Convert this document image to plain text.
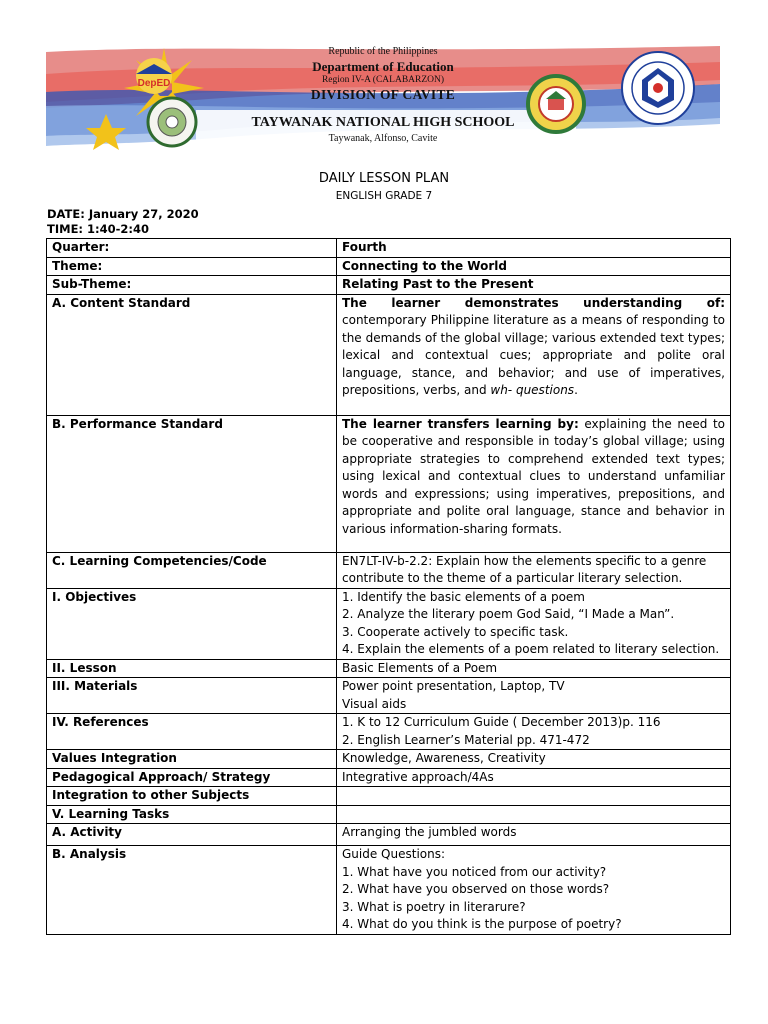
DepED
Republic of the Philippines
Department of Education
Region IV-A (CALABARZON)
DIVISION OF CAVITE
TAYWANAK NATIONAL HIGH SCHOOL
Taywanak, Alfonso, Cavite
DAILY LESSON PLAN
ENGLISH GRADE 7
DATE: January 27, 2020
TIME: 1:40-2:40
Quarter:	Fourth
Theme:	Connecting to the World
Sub-Theme:	Relating Past to the Present
A. Content Standard	The learner demonstrates understanding of: contemporary Philippine literature as a means of responding to the demands of the global village; various extended text types; lexical and contextual cues; appropriate and polite oral language, stance, and behavior; and use of imperatives, prepositions, verbs, and wh- questions.
B. Performance Standard	The learner transfers learning by: explaining the need to be cooperative and responsible in today’s global village; using appropriate strategies to comprehend extended text types; using lexical and contextual clues to understand unfamiliar words and expressions; using imperatives, prepositions, and appropriate and polite oral language, stance and behavior in various information-sharing formats.
C. Learning Competencies/Code	EN7LT-IV-b-2.2: Explain how the elements specific to a genre contribute to the theme of a particular literary selection.
I. Objectives	1. Identify the basic elements of a poem
2. Analyze the literary poem God Said, “I Made a Man”.
3. Cooperate actively to specific task.
4. Explain the elements of a poem related to literary selection.

II. Lesson	Basic Elements of a Poem
III. Materials	Power point presentation, Laptop, TV
Visual aids

IV. References	1. K to 12 Curriculum Guide ( December 2013)p. 116
2. English Learner’s Material pp. 471-472

Values Integration	Knowledge, Awareness, Creativity
Pedagogical Approach/ Strategy	Integrative approach/4As
Integration to other Subjects	
V. Learning Tasks	
A. Activity	Arranging the jumbled words
B. Analysis	Guide Questions:
1. What have you noticed from our activity?
2. What have you observed on those words?
3. What is poetry in literarure?
4. What do you think is the purpose of poetry?
